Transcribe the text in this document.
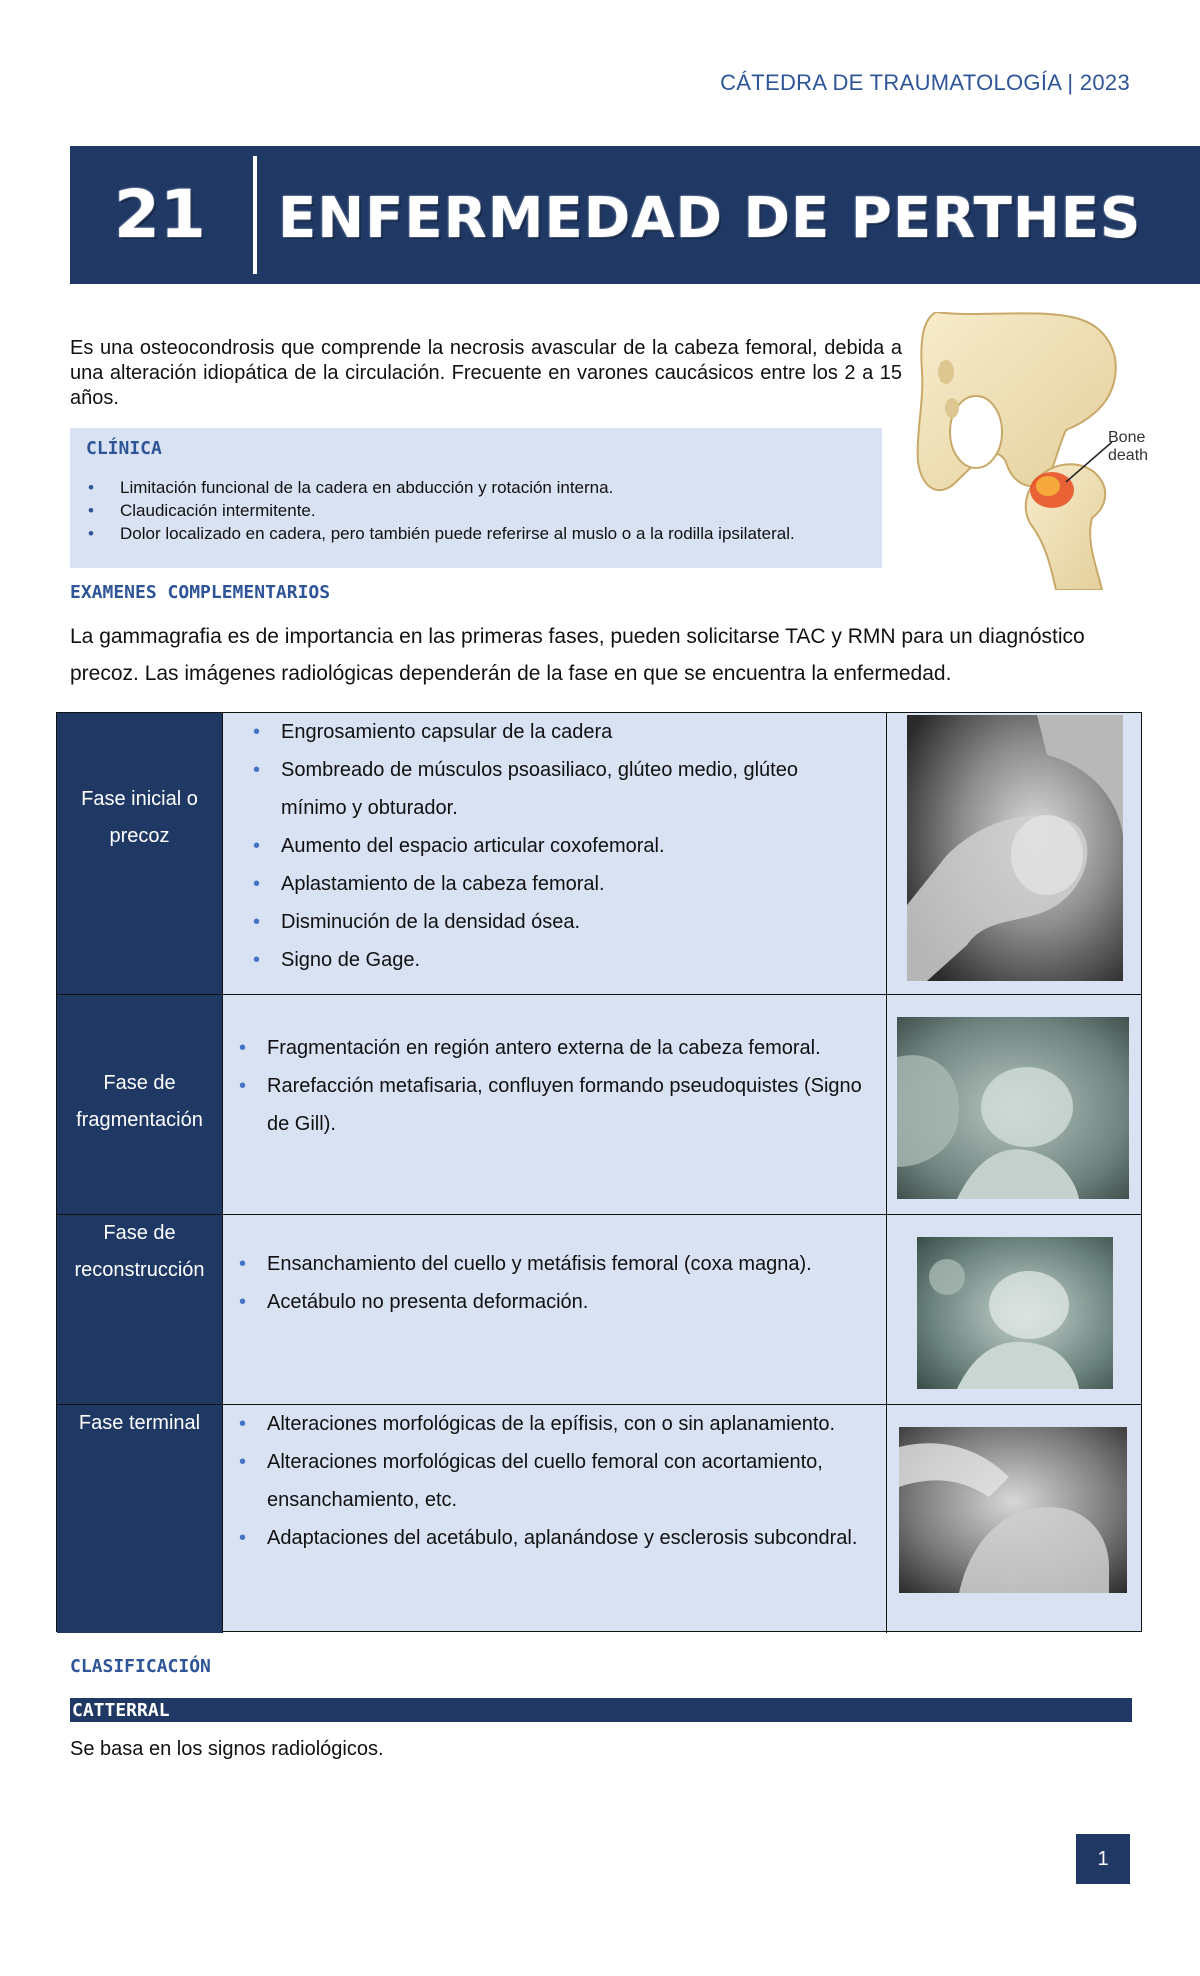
CÁTEDRA DE TRAUMATOLOGÍA | 2023
21 ENFERMEDAD DE PERTHES

Es una osteocondrosis que comprende la necrosis avascular de la cabeza femoral, debida a una alteración idiopática de la circulación. Frecuente en varones caucásicos entre los 2 a 15 años.

Bone
death
CLÍNICA
• Limitación funcional de la cadera en abducción y rotación interna.
• Claudicación intermitente.
• Dolor localizado en cadera, pero también puede referirse al muslo o a la rodilla ipsilateral.
EXAMENES COMPLEMENTARIOS

La gammagrafia es de importancia en las primeras fases, pueden solicitarse TAC y RMN para un diagnóstico precoz. Las imágenes radiológicas dependerán de la fase en que se encuentra la enfermedad.

Fase inicial o precoz
• Engrosamiento capsular de la cadera
• Sombreado de músculos psoasiliaco, glúteo medio, glúteo mínimo y obturador.
• Aumento del espacio articular coxofemoral.
• Aplastamiento de la cabeza femoral.
• Disminución de la densidad ósea.
• Signo de Gage.
Fase de fragmentación
• Fragmentación en región antero externa de la cabeza femoral.
• Rarefacción metafisaria, confluyen formando pseudoquistes (Signo de Gill).
Fase de reconstrucción	• Ensanchamiento del cuello y metáfisis femoral (coxa magna).
• Acetábulo no presenta deformación.
Fase terminal	• Alteraciones morfológicas de la epífisis, con o sin aplanamiento.
• Alteraciones morfológicas del cuello femoral con acortamiento, ensanchamiento, etc.
• Adaptaciones del acetábulo, aplanándose y esclerosis subcondral.
CLASIFICACIÓN
CATTERRAL
Se basa en los signos radiológicos.
1
